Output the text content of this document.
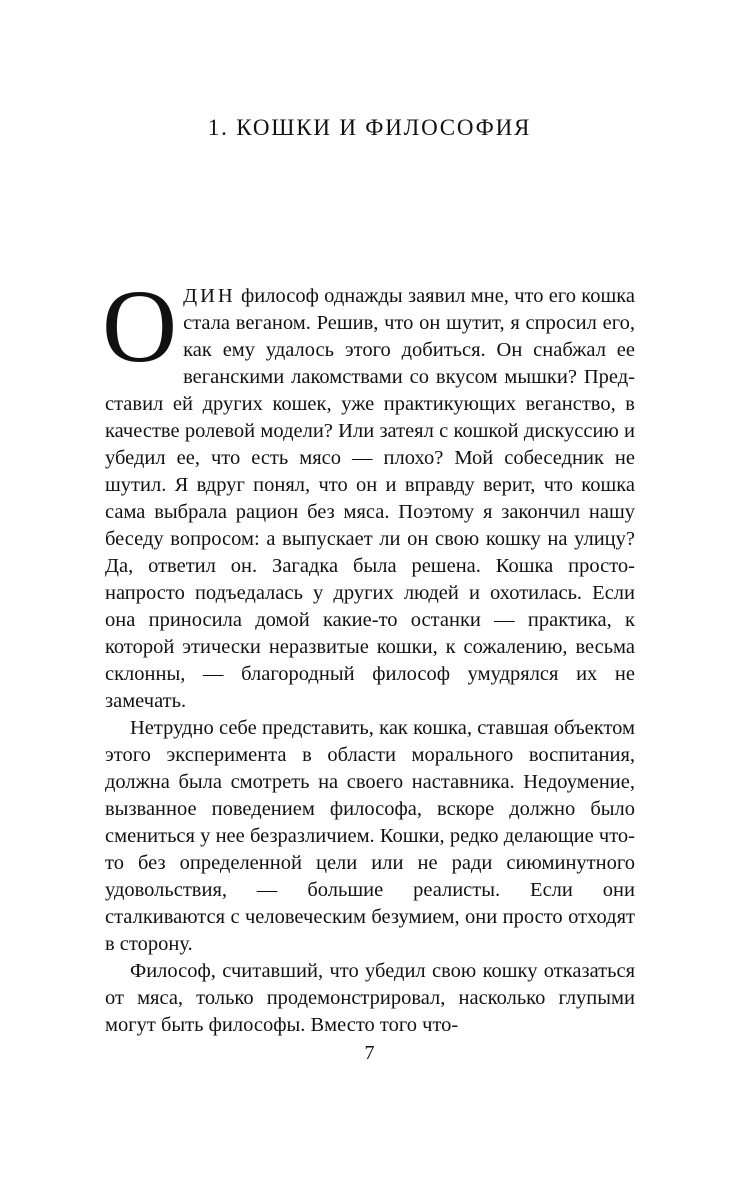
1. КОШКИ И ФИЛОСОФИЯ

ОДИН философ однажды заявил мне, что его кошка стала веганом. Решив, что он шутит, я спросил его, как ему удалось этого добиться. Он снабжал ее веганскими лакомствами со вкусом мышки? Представил ей других кошек, уже практикующих веганство, в качестве ролевой модели? Или затеял с кошкой дискуссию и убедил ее, что есть мясо — плохо? Мой собеседник не шутил. Я вдруг понял, что он и вправду верит, что кошка сама выбрала рацион без мяса. Поэтому я закончил нашу беседу вопросом: а выпускает ли он свою кошку на улицу? Да, ответил он. Загадка была решена. Кошка просто-напросто подъедалась у других людей и охотилась. Если она приносила домой какие-то останки — практика, к которой этически неразвитые кошки, к сожалению, весьма склонны, — благородный философ умудрялся их не замечать.

Нетрудно себе представить, как кошка, ставшая объектом этого эксперимента в области морального воспитания, должна была смотреть на своего наставника. Недоумение, вызванное поведением философа, вскоре должно было смениться у нее безразличием. Кошки, редко делающие что-то без определенной цели или не ради сиюминутного удовольствия, — большие реалисты. Если они сталкиваются с человеческим безумием, они просто отходят в сторону.

Философ, считавший, что убедил свою кошку отказаться от мяса, только продемонстрировал, насколько глупыми могут быть философы. Вместо того что-

7
